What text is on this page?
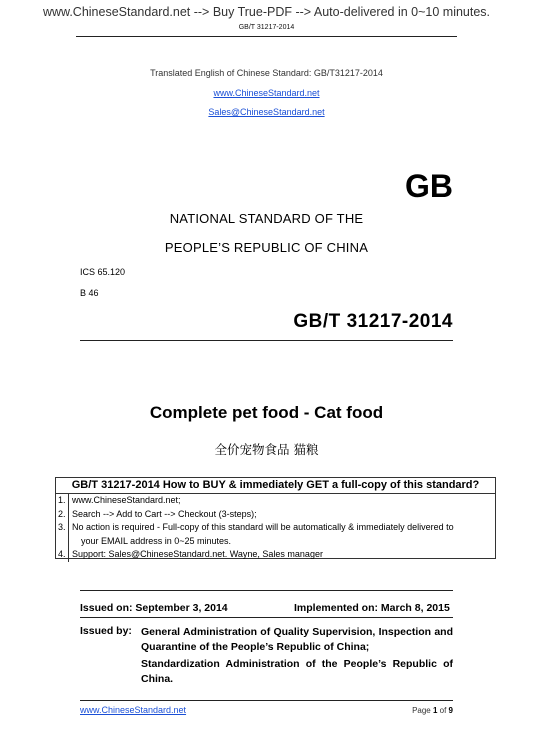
www.ChineseStandard.net --> Buy True-PDF --> Auto-delivered in 0~10 minutes.
GB/T 31217-2014
Translated English of Chinese Standard: GB/T31217-2014
www.ChineseStandard.net
Sales@ChineseStandard.net
GB
NATIONAL STANDARD OF THE
PEOPLE’S REPUBLIC OF CHINA
ICS 65.120
B 46
GB/T 31217-2014
Complete pet food - Cat food
全价宠物食品 猫粮
GB/T 31217-2014 How to BUY & immediately GET a full-copy of this standard?
1. www.ChineseStandard.net;
2. Search --> Add to Cart --> Checkout (3-steps);
3. No action is required - Full-copy of this standard will be automatically & immediately delivered to
your EMAIL address in 0~25 minutes.
4. Support: Sales@ChineseStandard.net. Wayne, Sales manager
Issued on: September 3, 2014	Implemented on: March 8, 2015
Issued by: General Administration of Quality Supervision, Inspection and Quarantine of the People’s Republic of China;
Standardization Administration of the People’s Republic of China.
www.ChineseStandard.net	Page 1 of 9
